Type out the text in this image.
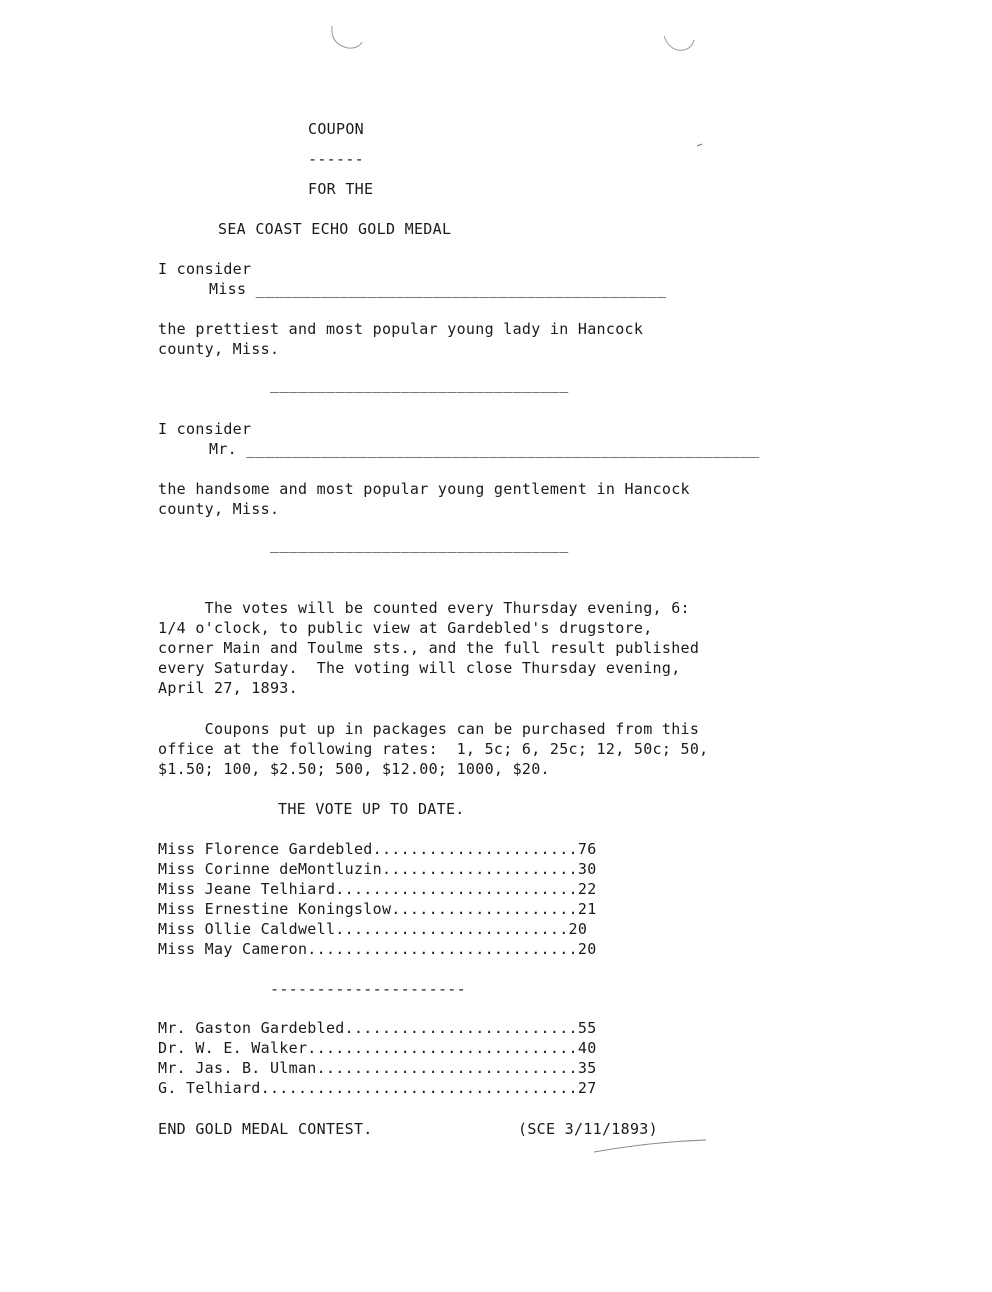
COUPON
------
FOR THE
SEA COAST ECHO GOLD MEDAL
I consider
Miss ____________________________________________
the prettiest and most popular young lady in Hancock
county, Miss.
________________________________
I consider
Mr. _______________________________________________________
the handsome and most popular young gentlement in Hancock
county, Miss.
________________________________
The votes will be counted every Thursday evening, 6:
1/4 o'clock, to public view at Gardebled's drugstore,
corner Main and Toulme sts., and the full result published
every Saturday.  The voting will close Thursday evening,
April 27, 1893.
Coupons put up in packages can be purchased from this
office at the following rates:  1, 5c; 6, 25c; 12, 50c; 50,
$1.50; 100, $2.50; 500, $12.00; 1000, $20.
THE VOTE UP TO DATE.
Miss Florence Gardebled......................76
Miss Corinne deMontluzin.....................30
Miss Jeane Telhiard..........................22
Miss Ernestine Koningslow....................21
Miss Ollie Caldwell.........................20
Miss May Cameron.............................20
---------------------
Mr. Gaston Gardebled.........................55
Dr. W. E. Walker.............................40
Mr. Jas. B. Ulman............................35
G. Telhiard..................................27
END GOLD MEDAL CONTEST.	(SCE 3/11/1893)
